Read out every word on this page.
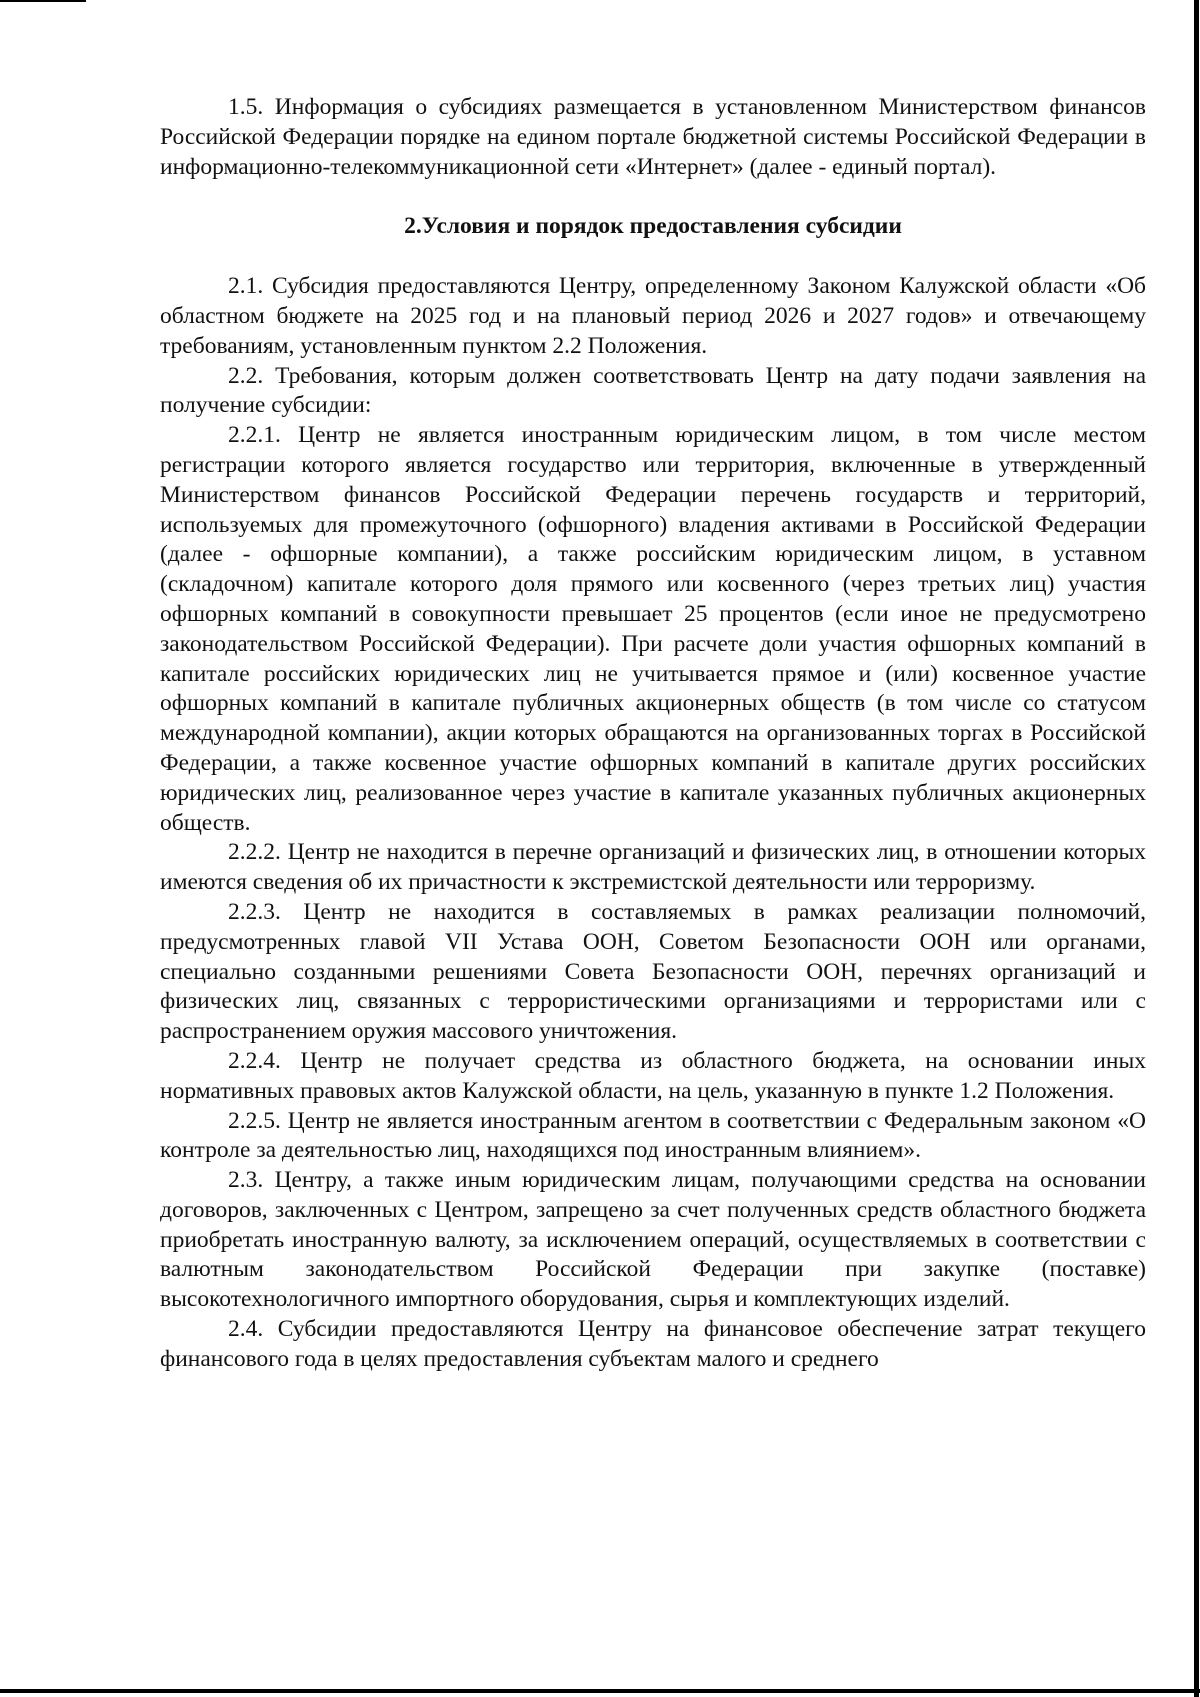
1.5. Информация о субсидиях размещается в установленном Министерством финансов Российской Федерации порядке на едином портале бюджетной системы Российской Федерации в информационно-телекоммуникационной сети «Интернет» (далее - единый портал).

2.Условия и порядок предоставления субсидии

2.1. Субсидия предоставляются Центру, определенному Законом Калужской области «Об областном бюджете на 2025 год и на плановый период 2026 и 2027 годов» и отвечающему требованиям, установленным пунктом 2.2 Положения.

2.2. Требования, которым должен соответствовать Центр на дату подачи заявления на получение субсидии:

2.2.1. Центр не является иностранным юридическим лицом, в том числе местом регистрации которого является государство или территория, включенные в утвержденный Министерством финансов Российской Федерации перечень государств и территорий, используемых для промежуточного (офшорного) владения активами в Российской Федерации (далее - офшорные компании), а также российским юридическим лицом, в уставном (складочном) капитале которого доля прямого или косвенного (через третьих лиц) участия офшорных компаний в совокупности превышает 25 процентов (если иное не предусмотрено законодательством Российской Федерации). При расчете доли участия офшорных компаний в капитале российских юридических лиц не учитывается прямое и (или) косвенное участие офшорных компаний в капитале публичных акционерных обществ (в том числе со статусом международной компании), акции которых обращаются на организованных торгах в Российской Федерации, а также косвенное участие офшорных компаний в капитале других российских юридических лиц, реализованное через участие в капитале указанных публичных акционерных обществ.

2.2.2. Центр не находится в перечне организаций и физических лиц, в отношении которых имеются сведения об их причастности к экстремистской деятельности или терроризму.

2.2.3. Центр не находится в составляемых в рамках реализации полномочий, предусмотренных главой VII Устава ООН, Советом Безопасности ООН или органами, специально созданными решениями Совета Безопасности ООН, перечнях организаций и физических лиц, связанных с террористическими организациями и террористами или с распространением оружия массового уничтожения.

2.2.4. Центр не получает средства из областного бюджета, на основании иных нормативных правовых актов Калужской области, на цель, указанную в пункте 1.2 Положения.

2.2.5. Центр не является иностранным агентом в соответствии с Федеральным законом «О контроле за деятельностью лиц, находящихся под иностранным влиянием».

2.3. Центру, а также иным юридическим лицам, получающими средства на основании договоров, заключенных с Центром, запрещено за счет полученных средств областного бюджета приобретать иностранную валюту, за исключением операций, осуществляемых в соответствии с валютным законодательством Российской Федерации при закупке (поставке) высокотехнологичного импортного оборудования, сырья и комплектующих изделий.

2.4. Субсидии предоставляются Центру на финансовое обеспечение затрат текущего финансового года в целях предоставления субъектам малого и среднего
